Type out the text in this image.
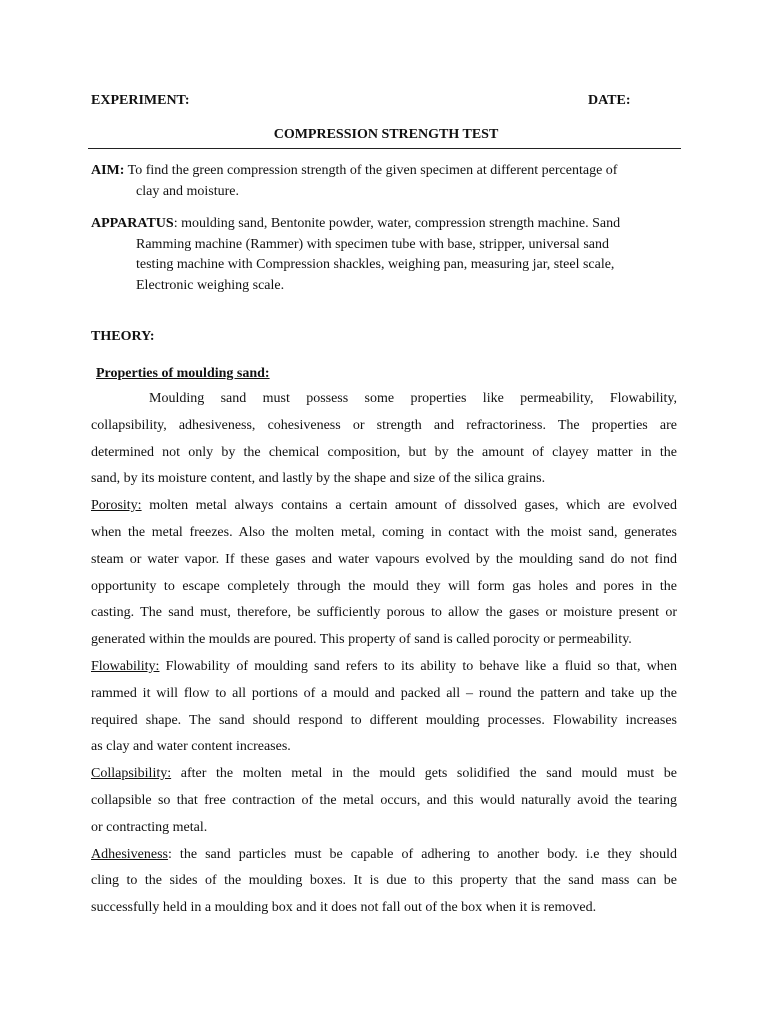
EXPERIMENT:	DATE:
COMPRESSION STRENGTH TEST
AIM: To find the green compression strength of the given specimen at different percentage of
clay and moisture.
APPARATUS: moulding sand, Bentonite powder, water, compression strength machine. Sand
Ramming machine (Rammer) with specimen tube with base, stripper, universal sand
testing machine with Compression shackles, weighing pan, measuring jar, steel scale,
Electronic weighing scale.
THEORY:
Properties of moulding sand:
Moulding sand must possess some properties like permeability, Flowability,
collapsibility, adhesiveness, cohesiveness or strength and refractoriness. The properties are
determined not only by the chemical composition, but by the amount of clayey matter in the
sand, by its moisture content, and lastly by the shape and size of the silica grains.
Porosity: molten metal always contains a certain amount of dissolved gases, which are evolved
when the metal freezes. Also the molten metal, coming in contact with the moist sand, generates
steam or water vapor. If these gases and water vapours evolved by the moulding sand do not find
opportunity to escape completely through the mould they will form gas holes and pores in the
casting. The sand must, therefore, be sufficiently porous to allow the gases or moisture present or
generated within the moulds are poured. This property of sand is called porocity or permeability.
Flowability: Flowability of moulding sand refers to its ability to behave like a fluid so that, when
rammed it will flow to all portions of a mould and packed all – round the pattern and take up the
required shape. The sand should respond to different moulding processes. Flowability increases
as clay and water content increases.
Collapsibility: after the molten metal in the mould gets solidified the sand mould must be
collapsible so that free contraction of the metal occurs, and this would naturally avoid the tearing
or contracting metal.
Adhesiveness: the sand particles must be capable of adhering to another body. i.e they should
cling to the sides of the moulding boxes. It is due to this property that the sand mass can be
successfully held in a moulding box and it does not fall out of the box when it is removed.
